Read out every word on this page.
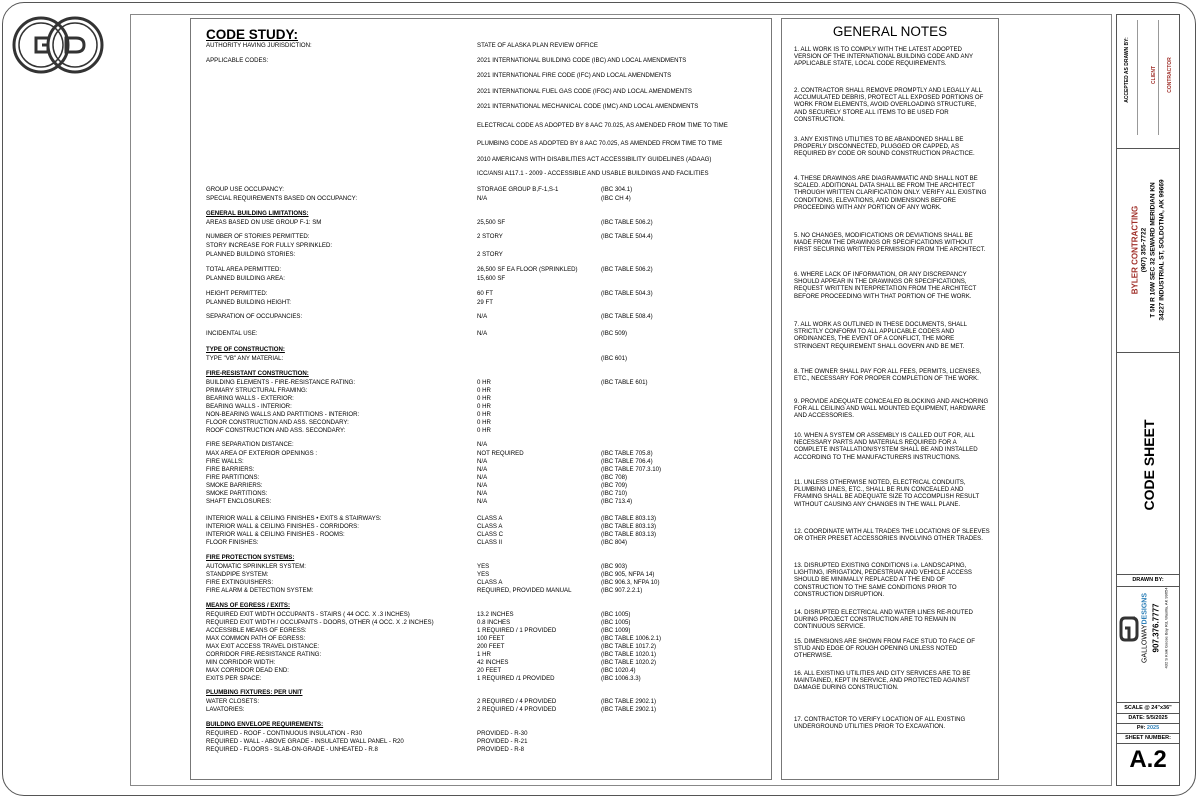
CODE STUDY:
AUTHORITY HAVING JURISDICTION:	STATE OF ALASKA PLAN REVIEW OFFICE
APPLICABLE CODES:	2021 INTERNATIONAL BUILDING CODE (IBC) AND LOCAL AMENDMENTS
2021 INTERNATIONAL FIRE CODE (IFC) AND LOCAL AMENDMENTS
2021 INTERNATIONAL FUEL GAS CODE (IFGC) AND LOCAL AMENDMENTS
2021 INTERNATIONAL MECHANICAL CODE (IMC) AND LOCAL AMENDMENTS
ELECTRICAL CODE AS ADOPTED BY 8 AAC 70.025, AS AMENDED FROM TIME TO TIME
PLUMBING CODE AS ADOPTED BY 8 AAC 70.025, AS AMENDED FROM TIME TO TIME
2010 AMERICANS WITH DISABILITIES ACT ACCESSIBILITY GUIDELINES (ADAAG)
ICC/ANSI A117.1 - 2009 - ACCESSIBLE AND USABLE BUILDINGS AND FACILITIES
GROUP USE OCCUPANCY:	STORAGE GROUP B,F-1,S-1	(IBC 304.1)
SPECIAL REQUIREMENTS BASED ON OCCUPANCY:	N/A	(IBC CH 4)
GENERAL BUILDING LIMITATIONS:
AREAS BASED ON USE GROUP F-1: SM	25,500 SF	(IBC TABLE 506.2)
NUMBER OF STORIES PERMITTED:	2 STORY	(IBC TABLE 504.4)
STORY INCREASE FOR FULLY SPRINKLED:
PLANNED BUILDING STORIES:	2 STORY
TOTAL AREA PERMITTED:	26,500 SF EA FLOOR (SPRINKLED)	(IBC TABLE 506.2)
PLANNED BUILDING AREA:	15,600 SF
HEIGHT PERMITTED:	60 FT	(IBC TABLE 504.3)
PLANNED BUILDING HEIGHT:	29 FT
SEPARATION OF OCCUPANCIES:	N/A	(IBC TABLE 508.4)
INCIDENTAL USE:	N/A	(IBC 509)
TYPE OF CONSTRUCTION:
TYPE "VB" ANY MATERIAL:	(IBC 601)
FIRE-RESISTANT CONSTRUCTION:
BUILDING ELEMENTS - FIRE-RESISTANCE RATING:	0 HR	(IBC TABLE 601)
PRIMARY STRUCTURAL FRAMING:	0 HR
BEARING WALLS - EXTERIOR:	0 HR
BEARING WALLS - INTERIOR:	0 HR
NON-BEARING WALLS AND PARTITIONS - INTERIOR:	0 HR
FLOOR CONSTRUCTION AND ASS. SECONDARY:	0 HR
ROOF CONSTRUCTION AND ASS. SECONDARY:	0 HR
FIRE SEPARATION DISTANCE:	N/A
MAX AREA OF EXTERIOR OPENINGS :	NOT REQUIRED	(IBC TABLE 705.8)
FIRE WALLS:	N/A	(IBC TABLE 706.4)
FIRE BARRIERS:	N/A	(IBC TABLE 707.3.10)
FIRE PARTITIONS:	N/A	(IBC 708)
SMOKE BARRIERS:	N/A	(IBC 709)
SMOKE PARTITIONS:	N/A	(IBC 710)
SHAFT ENCLOSURES:	N/A	(IBC 713.4)
INTERIOR WALL & CEILING FINISHES • EXITS & STAIRWAYS:	CLASS A	(IBC TABLE 803.13)
INTERIOR WALL & CEILING FINISHES - CORRIDORS:	CLASS A	(IBC TABLE 803.13)
INTERIOR WALL & CEILING FINISHES - ROOMS:	CLASS C	(IBC TABLE 803.13)
FLOOR FINISHES:	CLASS II	(IBC 804)
FIRE PROTECTION SYSTEMS:
AUTOMATIC SPRINKLER SYSTEM:	YES	(IBC 903)
STANDPIPE SYSTEM:	YES	(IBC 905, NFPA 14)
FIRE EXTINGUISHERS:	CLASS A	(IBC 906.3, NFPA 10)
FIRE ALARM & DETECTION SYSTEM:	REQUIRED, PROVIDED MANUAL	(IBC 907.2.2.1)
MEANS OF EGRESS / EXITS:
REQUIRED EXIT WIDTH OCCUPANTS - STAIRS ( 44 OCC. X .3 INCHES)	13.2 INCHES	(IBC 1005)
REQUIRED EXIT WIDTH / OCCUPANTS - DOORS, OTHER (4 OCC. X .2 INCHES)	0.8 INCHES	(IBC 1005)
ACCESSIBLE MEANS OF EGRESS:	1 REQUIRED / 1 PROVIDED	(IBC 1009)
MAX COMMON PATH OF EGRESS:	100 FEET	(IBC TABLE 1006.2.1)
MAX EXIT ACCESS TRAVEL DISTANCE:	200 FEET	(IBC TABLE 1017.2)
CORRIDOR FIRE-RESISTANCE RATING:	1 HR	(IBC TABLE 1020.1)
MIN CORRIDOR WIDTH:	42 INCHES	(IBC TABLE 1020.2)
MAX CORRIDOR DEAD END:	20 FEET	(IBC 1020.4)
EXITS PER SPACE:	1 REQUIRED /1 PROVIDED	(IBC 1006.3.3)
PLUMBING FIXTURES: PER UNIT
WATER CLOSETS:	2 REQUIRED / 4 PROVIDED	(IBC TABLE 2902.1)
LAVATORIES:	2 REQUIRED / 4 PROVIDED	(IBC TABLE 2902.1)
BUILDING ENVELOPE REQUIREMENTS:
REQUIRED - ROOF - CONTINUOUS INSULATION - R30	PROVIDED - R-30
REQUIRED - WALL - ABOVE GRADE - INSULATED WALL PANEL - R20	PROVIDED - R-21
REQUIRED - FLOORS - SLAB-ON-GRADE - UNHEATED - R.8	PROVIDED - R-8
GENERAL NOTES
1. ALL WORK IS TO COMPLY WITH THE LATEST ADOPTED VERSION OF THE INTERNATIONAL BUILDING CODE AND ANY APPLICABLE STATE, LOCAL CODE REQUIREMENTS.
2. CONTRACTOR SHALL REMOVE PROMPTLY AND LEGALLY ALL ACCUMULATED DEBRIS, PROTECT ALL EXPOSED PORTIONS OF WORK FROM ELEMENTS, AVOID OVERLOADING STRUCTURE, AND SECURELY STORE ALL ITEMS TO BE USED FOR CONSTRUCTION.
3. ANY EXISTING UTILITIES TO BE ABANDONED SHALL BE PROPERLY DISCONNECTED, PLUGGED OR CAPPED, AS REQUIRED BY CODE OR SOUND CONSTRUCTION PRACTICE.
4. THESE DRAWINGS ARE DIAGRAMMATIC AND SHALL NOT BE SCALED. ADDITIONAL DATA SHALL BE FROM THE ARCHITECT THROUGH WRITTEN CLARIFICATION ONLY. VERIFY ALL EXISTING CONDITIONS, ELEVATIONS, AND DIMENSIONS BEFORE PROCEEDING WITH ANY PORTION OF ANY WORK.
5. NO CHANGES, MODIFICATIONS OR DEVIATIONS SHALL BE MADE FROM THE DRAWINGS OR SPECIFICATIONS WITHOUT FIRST SECURING WRITTEN PERMISSION FROM THE ARCHITECT.
6. WHERE LACK OF INFORMATION, OR ANY DISCREPANCY SHOULD APPEAR IN THE DRAWINGS OR SPECIFICATIONS, REQUEST WRITTEN INTERPRETATION FROM THE ARCHITECT BEFORE PROCEEDING WITH THAT PORTION OF THE WORK.
7. ALL WORK AS OUTLINED IN THESE DOCUMENTS, SHALL STRICTLY CONFORM TO ALL APPLICABLE CODES AND ORDINANCES, THE EVENT OF A CONFLICT, THE MORE STRINGENT REQUIREMENT SHALL GOVERN AND BE MET.
8. THE OWNER SHALL PAY FOR ALL FEES, PERMITS, LICENSES, ETC., NECESSARY FOR PROPER COMPLETION OF THE WORK.
9. PROVIDE ADEQUATE CONCEALED BLOCKING AND ANCHORING FOR ALL CEILING AND WALL MOUNTED EQUIPMENT, HARDWARE AND ACCESSORIES.
10. WHEN A SYSTEM OR ASSEMBLY IS CALLED OUT FOR, ALL NECESSARY PARTS AND MATERIALS REQUIRED FOR A COMPLETE INSTALLATION/SYSTEM SHALL BE AND INSTALLED ACCORDING TO THE MANUFACTURERS INSTRUCTIONS.
11. UNLESS OTHERWISE NOTED, ELECTRICAL CONDUITS, PLUMBING LINES, ETC., SHALL BE RUN CONCEALED AND FRAMING SHALL BE ADEQUATE SIZE TO ACCOMPLISH RESULT WITHOUT CAUSING ANY CHANGES IN THE WALL PLANE.
12. COORDINATE WITH ALL TRADES THE LOCATIONS OF SLEEVES OR OTHER PRESET ACCESSORIES INVOLVING OTHER TRADES.
13. DISRUPTED EXISTING CONDITIONS i.e. LANDSCAPING, LIGHTING, IRRIGATION, PEDESTRIAN AND VEHICLE ACCESS SHOULD BE MINIMALLY REPLACED AT THE END OF CONSTRUCTION TO THE SAME CONDITIONS PRIOR TO CONSTRUCTION DISRUPTION.
14. DISRUPTED ELECTRICAL AND WATER LINES RE-ROUTED DURING PROJECT CONSTRUCTION ARE TO REMAIN IN CONTINUOUS SERVICE.
15. DIMENSIONS ARE SHOWN FROM FACE STUD TO FACE OF STUD AND EDGE OF ROUGH OPENING UNLESS NOTED OTHERWISE.
16. ALL EXISTING UTILITIES AND CITY SERVICES ARE TO BE MAINTAINED, KEPT IN SERVICE, AND PROTECTED AGAINST DAMAGE DURING CONSTRUCTION.
17. CONTRACTOR TO VERIFY LOCATION OF ALL EXISTING UNDERGROUND UTILITIES PRIOR TO EXCAVATION.
ACCEPTED AS DRAWN BY:	CLIENT CONTRACTOR
BYLER CONTRACTING (907) 355-7722 T 5N R 10W SEC 32 SEWARD MERIDIAN KN 34227 INDUSTRIAL ST, SOLDOTNA, AK 99669
CODE SHEET
DRAWN BY:
GALLOWAYDESIGNS 907.376.7777 432 S Knik Goose Bay Rd, Wasilla, AK 99654
SCALE @ 24"x36"
DATE: 5/5/2025
P#: 2025
SHEET NUMBER:
A.2
